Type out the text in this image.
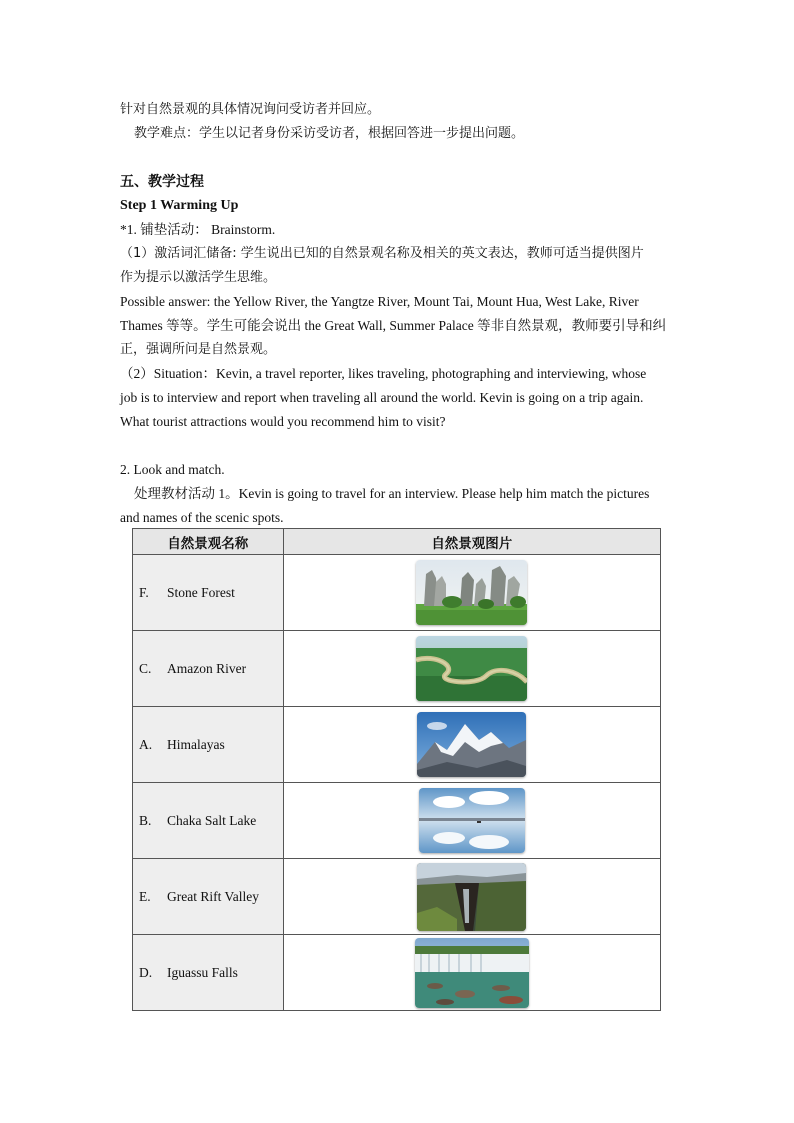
针对自然景观的具体情况询问受访者并回应。
教学难点：学生以记者身份采访受访者，根据回答进一步提出问题。
五、教学过程
Step 1 Warming Up
*1. 铺垫活动： Brainstorm.
（1）激活词汇储备: 学生说出已知的自然景观名称及相关的英文表达，教师可适当提供图片
作为提示以激活学生思维。
Possible answer: the Yellow River, the Yangtze River, Mount Tai, Mount Hua, West Lake, River
Thames 等等。学生可能会说出 the Great Wall, Summer Palace 等非自然景观，教师要引导和纠
正，强调所问是自然景观。
（2）Situation：Kevin, a travel reporter, likes traveling, photographing and interviewing, whose
job is to interview and report when traveling all around the world. Kevin is going on a trip again.
What tourist attractions would you recommend him to visit?
2. Look and match.
处理教材活动 1。Kevin is going to travel for an interview. Please help him match the pictures
and names of the scenic spots.
自然景观名称	自然景观图片

F. Stone Forest

C. Amazon River

A. Himalayas

B. Chaka Salt Lake

E. Great Rift Valley

D. Iguassu Falls
